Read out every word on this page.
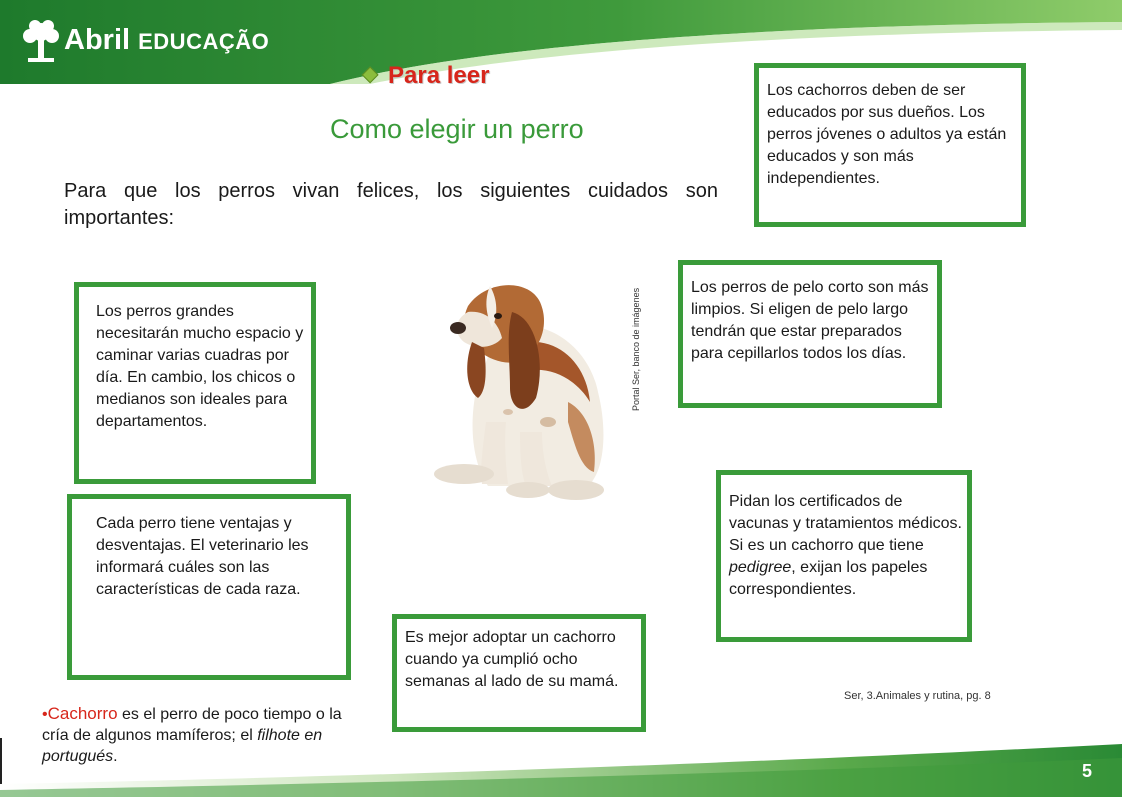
Abril EDUCAÇÃO
Para leer
Como elegir un perro
Para que los perros vivan felices, los siguientes cuidados son importantes:
Los cachorros deben de ser educados por sus dueños. Los perros jóvenes o adultos ya están educados y son más independientes.
Los perros grandes necesitarán mucho espacio y caminar varias cuadras por día. En cambio, los chicos o medianos son ideales para departamentos.
Los perros de pelo corto son más limpios. Si eligen de pelo largo tendrán que estar preparados para cepillarlos todos los días.
Cada perro tiene ventajas y desventajas. El veterinario les informará cuáles son las características de cada raza.
Pidan los certificados de vacunas y tratamientos médicos. Si es un cachorro que tiene pedigree, exijan los papeles correspondientes.
Es mejor adoptar un cachorro cuando ya cumplió ocho semanas al lado de su mamá.
Portal Ser, banco de imágenes
Ser, 3.Animales y rutina, pg. 8
•Cachorro es el perro de poco tiempo o la cría de algunos mamíferos; el filhote en portugués.
5
